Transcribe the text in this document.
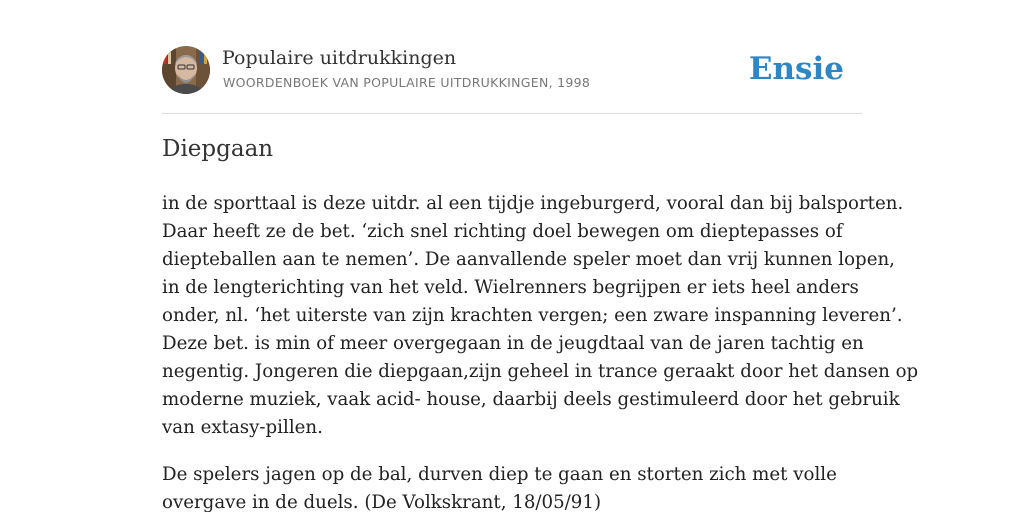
Populaire uitdrukkingen
WOORDENBOEK VAN POPULAIRE UITDRUKKINGEN, 1998	Ensie
Diepgaan

in de sporttaal is deze uitdr. al een tijdje ingeburgerd, vooral dan bij balsporten.
Daar heeft ze de bet. ‘zich snel richting doel bewegen om dieptepasses of
diepteballen aan te nemen’. De aanvallende speler moet dan vrij kunnen lopen,
in de lengterichting van het veld. Wielrenners begrijpen er iets heel anders
onder, nl. ‘het uiterste van zijn krachten vergen; een zware inspanning leveren’.
Deze bet. is min of meer overgegaan in de jeugdtaal van de jaren tachtig en
negentig. Jongeren die diepgaan,zijn geheel in trance geraakt door het dansen op
moderne muziek, vaak acid- house, daarbij deels gestimuleerd door het gebruik
van extasy-pillen.

De spelers jagen op de bal, durven diep te gaan en storten zich met volle
overgave in de duels. (De Volkskrant, 18/05/91)
